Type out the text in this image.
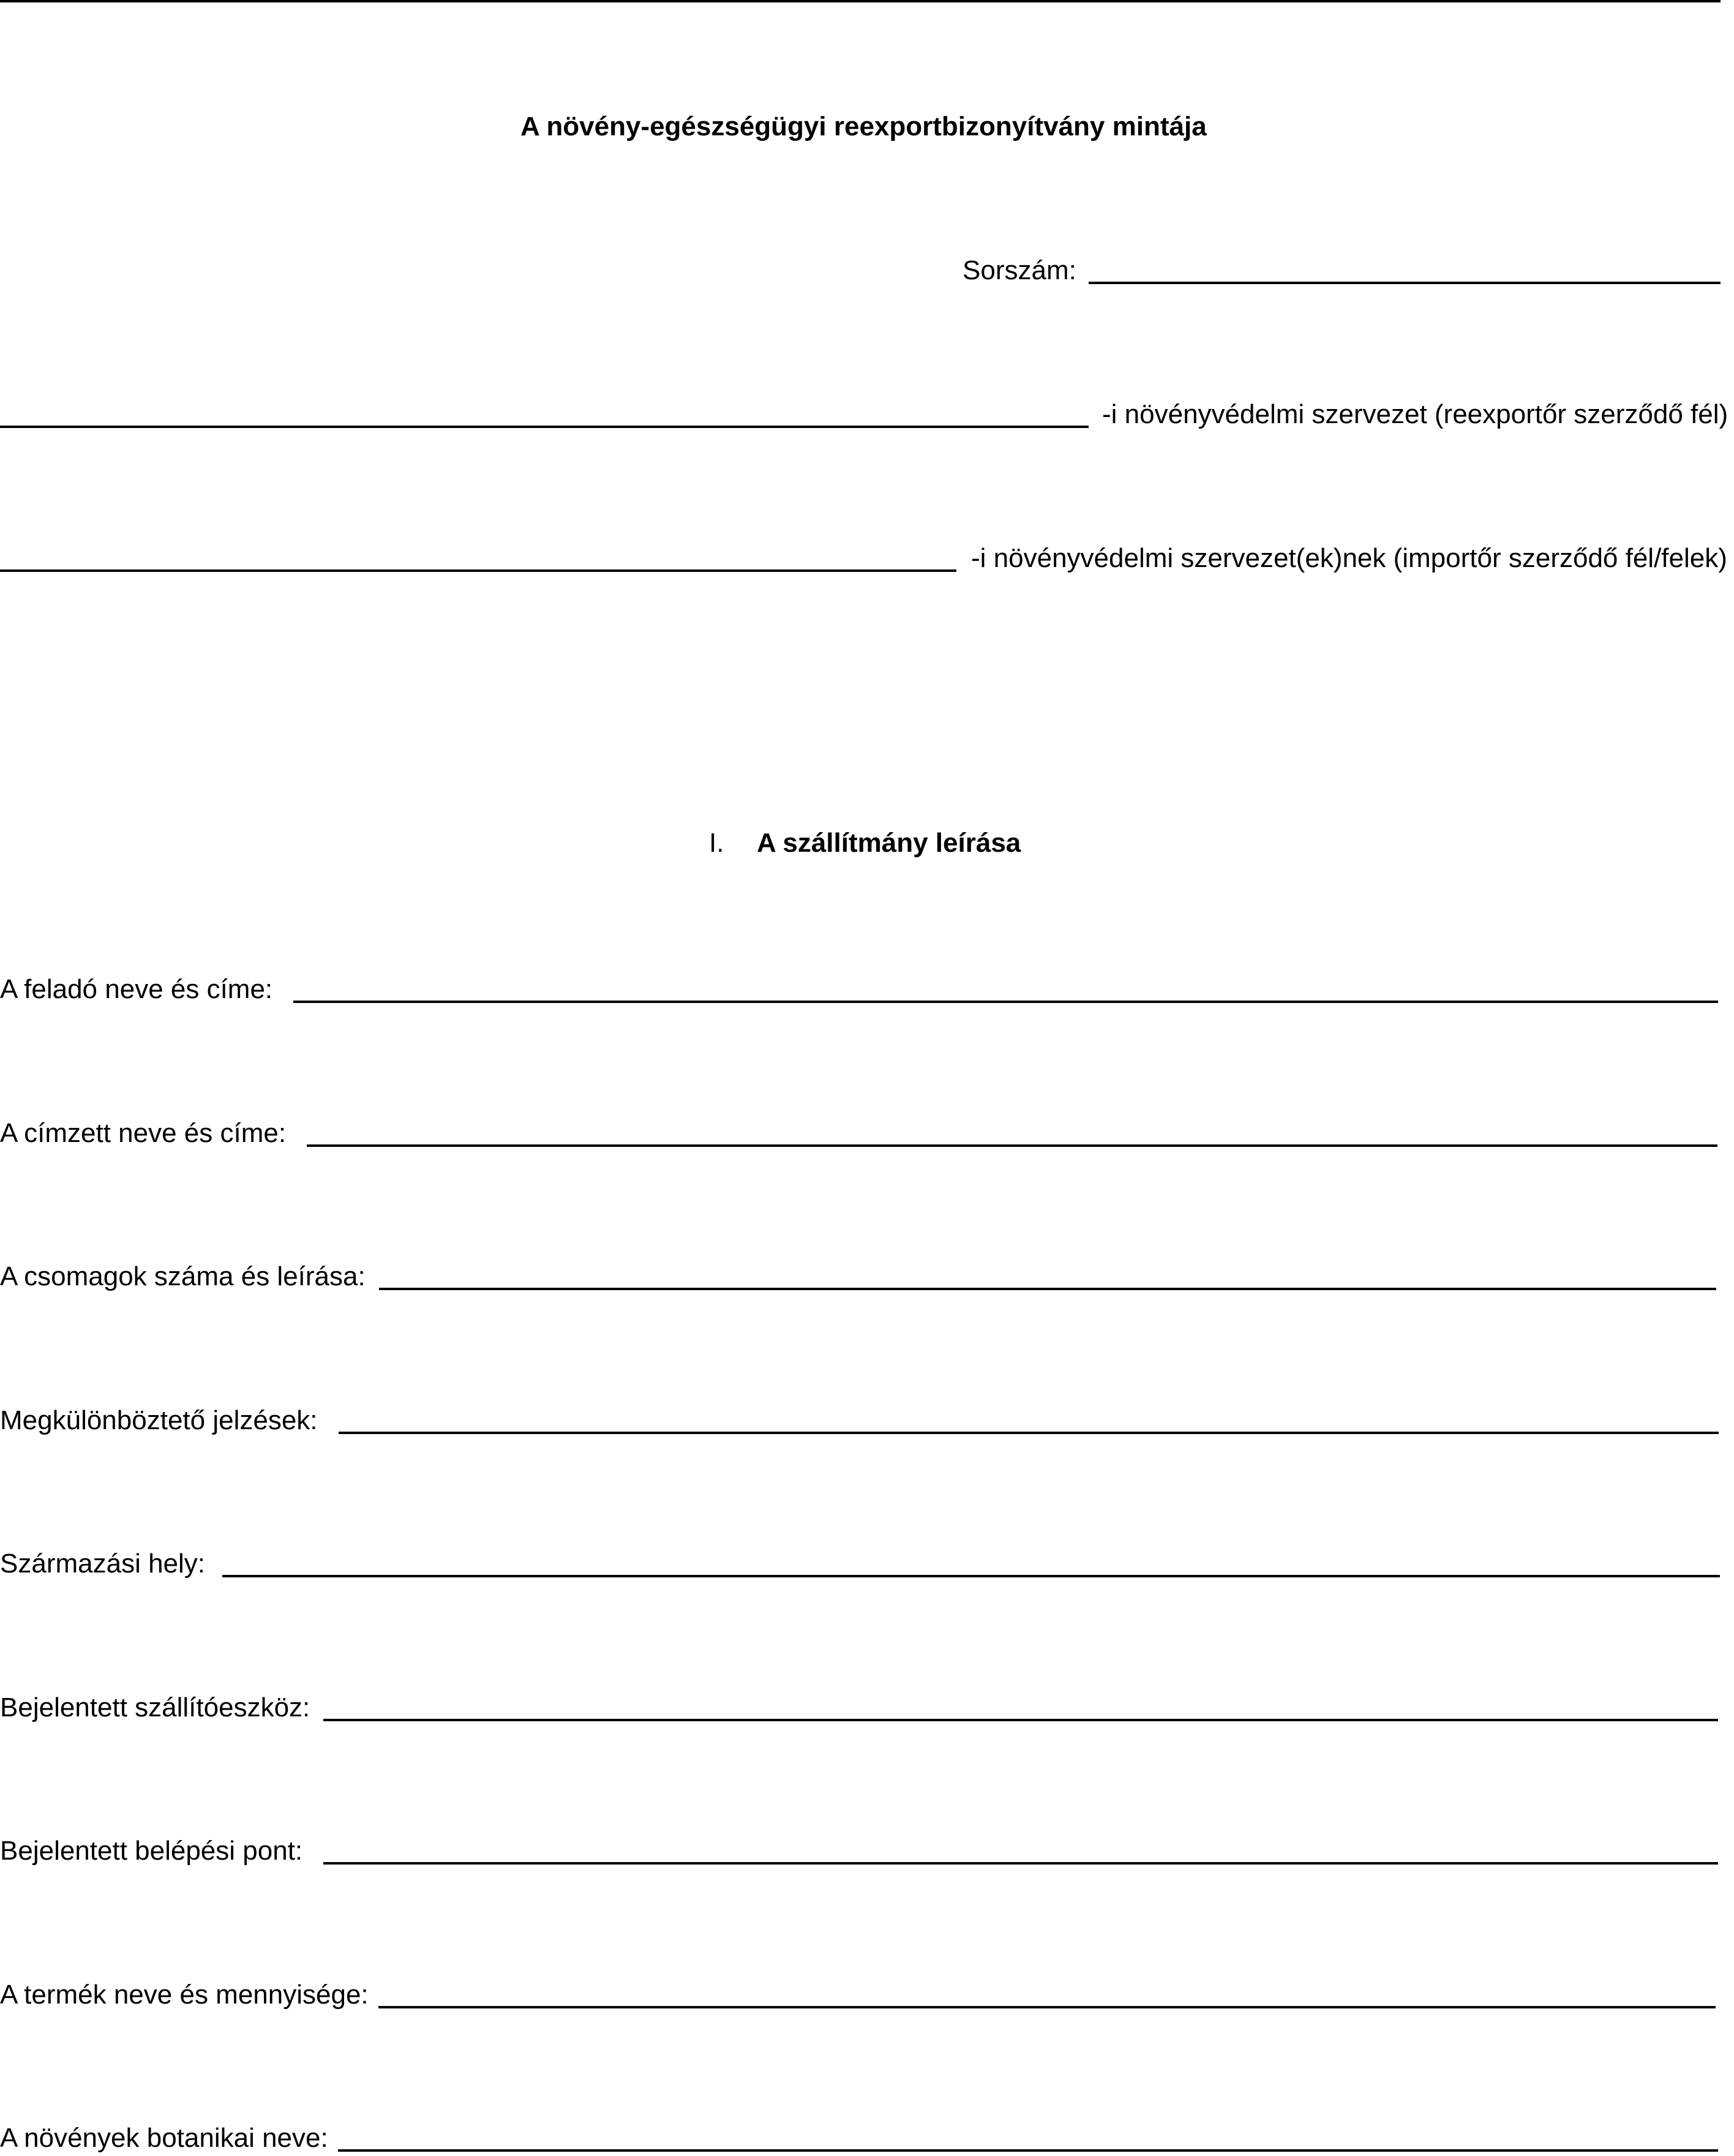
A növény-egészségügyi reexportbizonyítvány mintája
Sorszám:
-i növényvédelmi szervezet (reexportőr szerződő fél)
-i növényvédelmi szervezet(ek)nek (importőr szerződő fél/felek)
I. A szállítmány leírása
A feladó neve és címe:
A címzett neve és címe:
A csomagok száma és leírása:
Megkülönböztető jelzések:
Származási hely:
Bejelentett szállítóeszköz:
Bejelentett belépési pont:
A termék neve és mennyisége:
A növények botanikai neve:
